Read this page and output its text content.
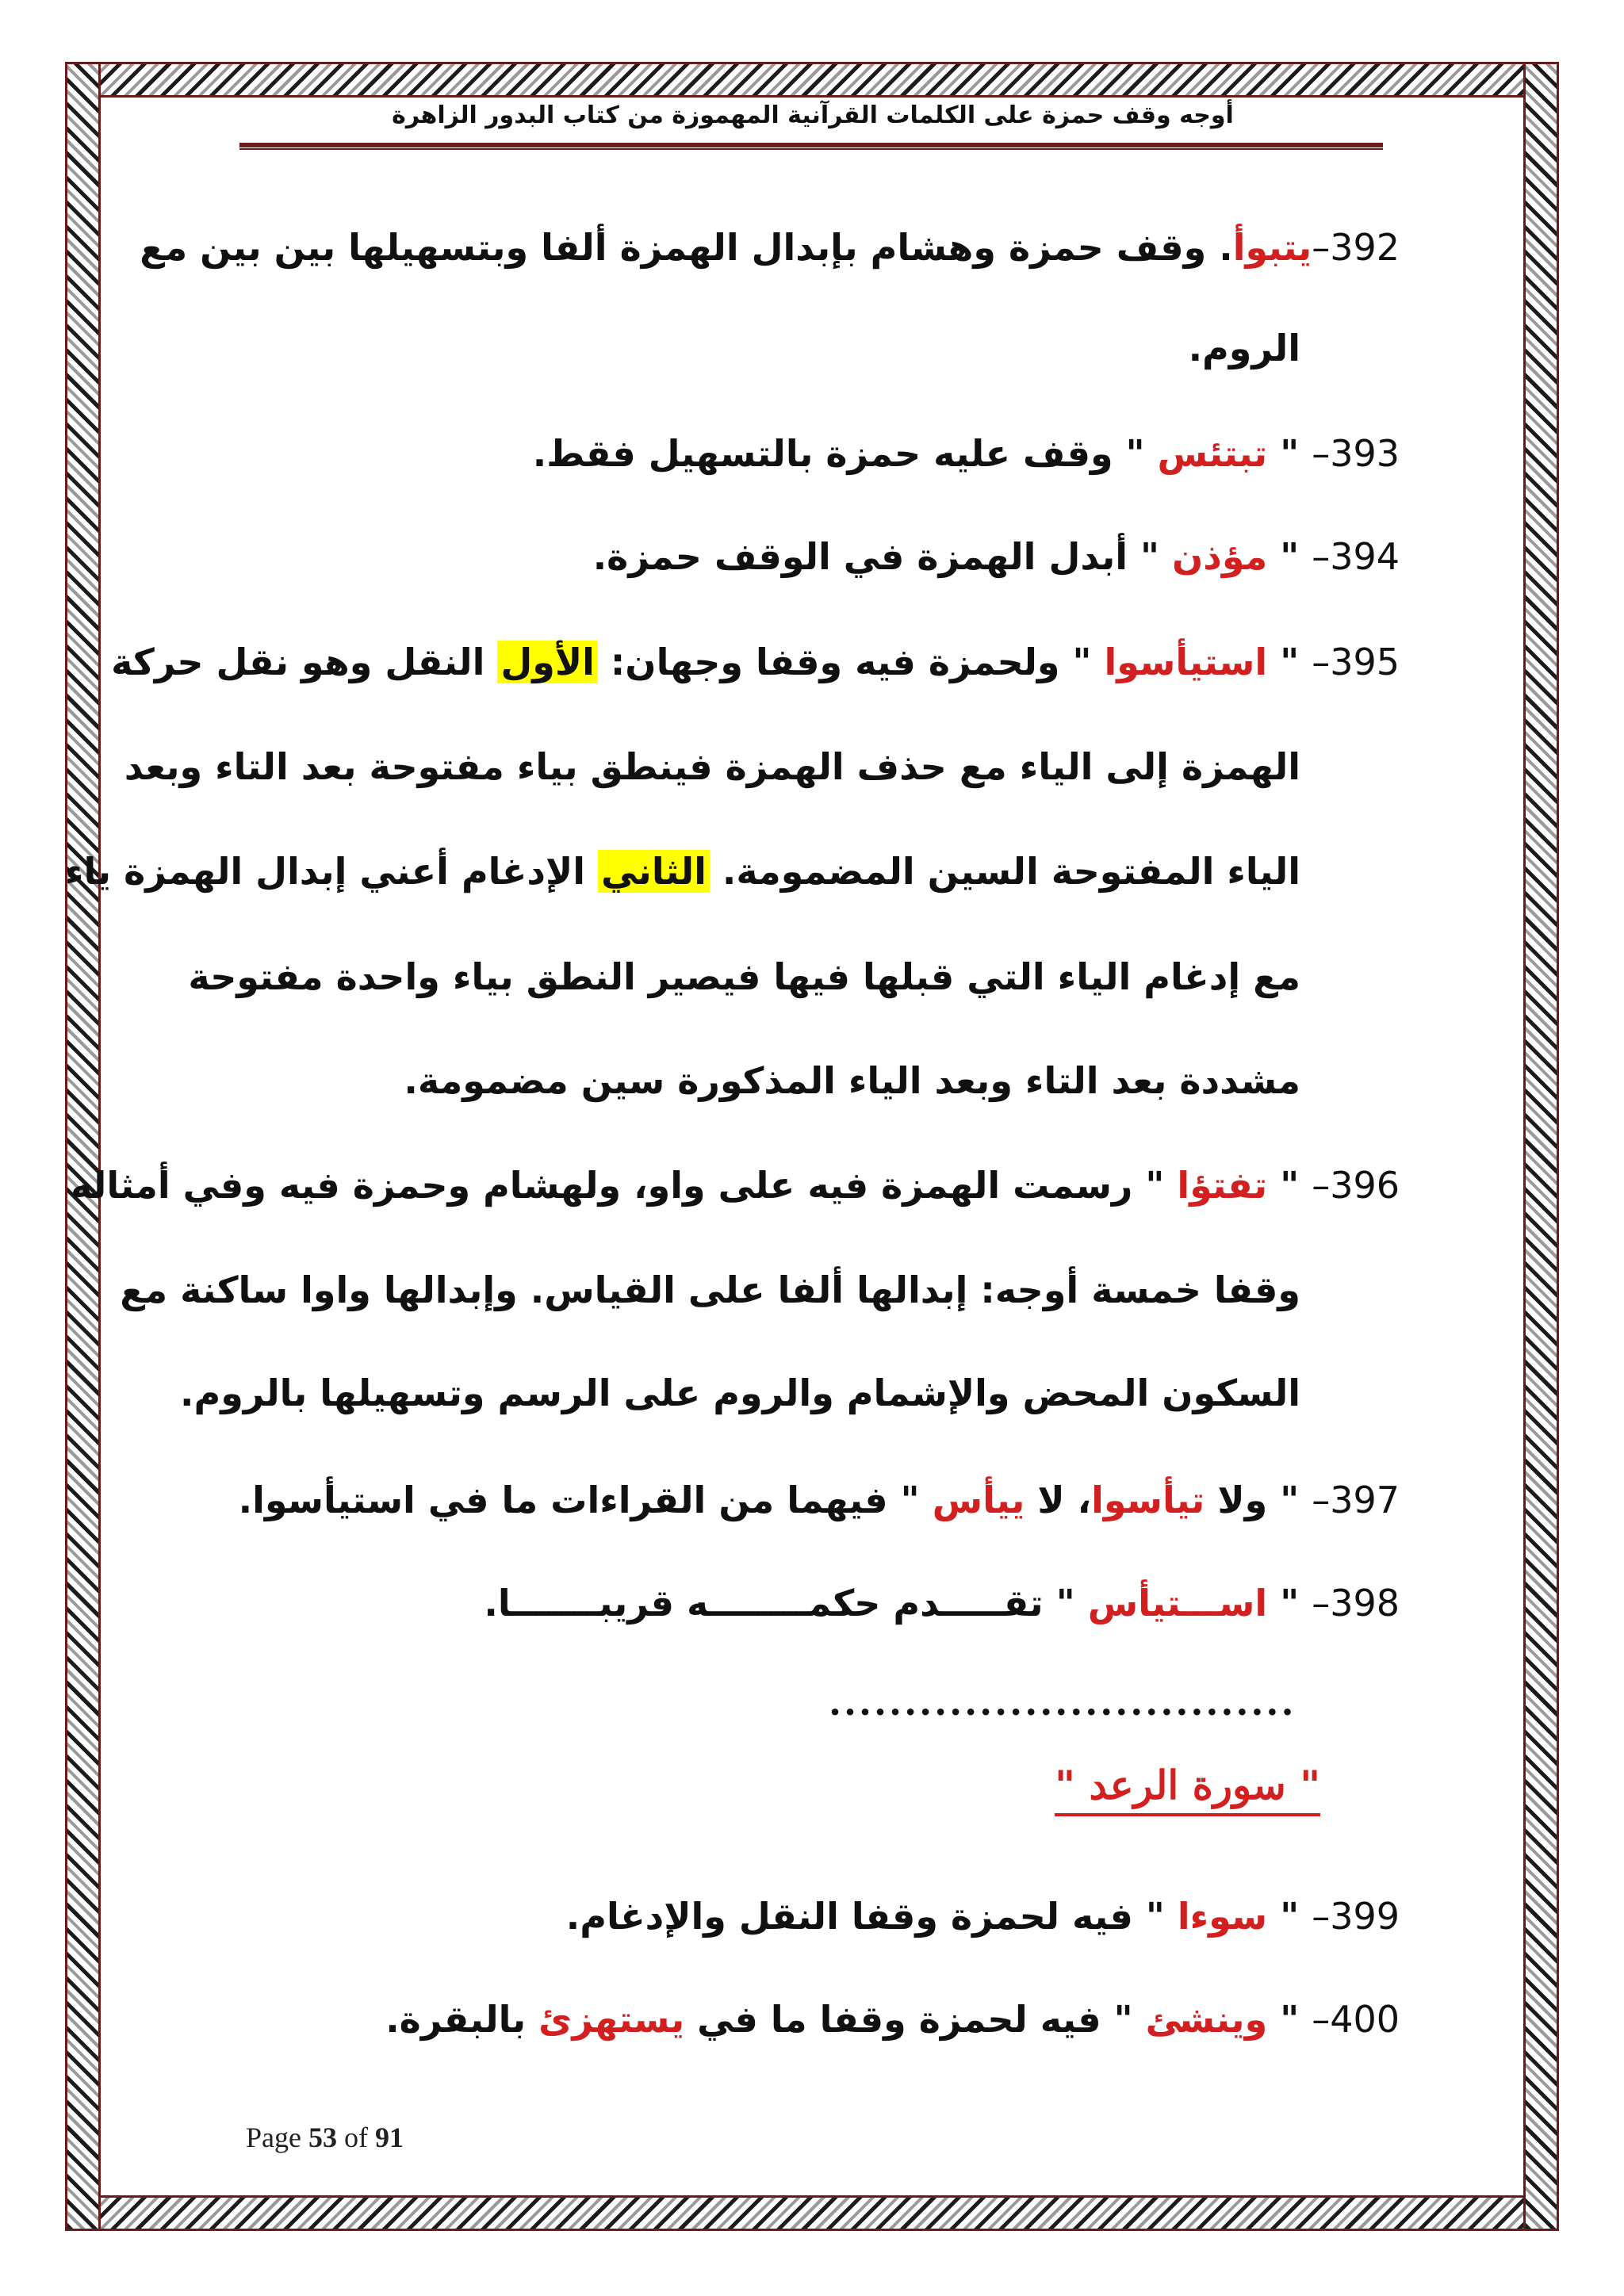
أوجه وقف حمزة على الكلمات القرآنية المهموزة من كتاب البدور الزاهرة
392–يتبوأ. وقف حمزة وهشام بإبدال الهمزة ألفا وبتسهيلها بين بين مع
الروم.
393– " تبتئس " وقف عليه حمزة بالتسهيل فقط.
394– " مؤذن " أبدل الهمزة في الوقف حمزة.
395– " استيأسوا " ولحمزة فيه وقفا وجهان: الأول النقل وهو نقل حركة
الهمزة إلى الياء مع حذف الهمزة فينطق بياء مفتوحة بعد التاء وبعد
الياء المفتوحة السين المضمومة. الثاني الإدغام أعني إبدال الهمزة ياء
مع إدغام الياء التي قبلها فيها فيصير النطق بياء واحدة مفتوحة
مشددة بعد التاء وبعد الياء المذكورة سين مضمومة.
396– " تفتؤا " رسمت الهمزة فيه على واو، ولهشام وحمزة فيه وفي أمثاله
وقفا خمسة أوجه: إبدالها ألفا على القياس. وإبدالها واوا ساكنة مع
السكون المحض والإشمام والروم على الرسم وتسهيلها بالروم.
397– " ولا تيأسوا، لا ييأس " فيهما من القراءات ما في استيأسوا.
398– " اســـتيأس " تقـــــدم حكمــــــــه قريبـــــــا.
399– " سوءا " فيه لحمزة وقفا النقل والإدغام.
400– " وينشئ " فيه لحمزة وقفا ما في يستهزئ بالبقرة.
...............................
" سورة الرعد "
Page 53 of 91
